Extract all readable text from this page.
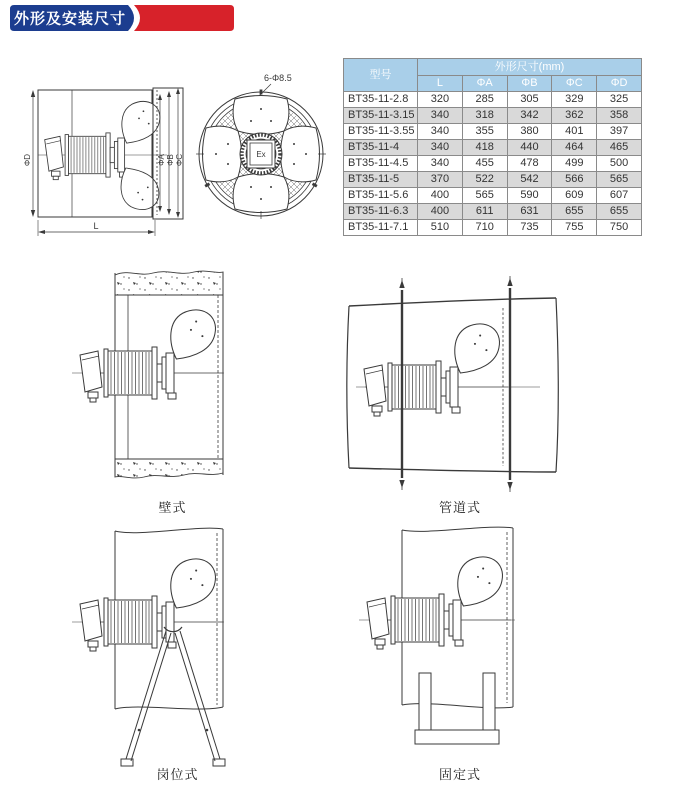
外形及安装尺寸
ΦD	ΦA ΦB ΦC
L
6-Φ8.5
Ex
型号	外形尺寸(mm)				
	L	ΦA	ΦB	ΦC	ΦD
BT35-11-2.8	320	285	305	329	325
BT35-11-3.15	340	318	342	362	358
BT35-11-3.55	340	355	380	401	397
BT35-11-4	340	418	440	464	465
BT35-11-4.5	340	455	478	499	500
BT35-11-5	370	522	542	566	565
BT35-11-5.6	400	565	590	609	607
BT35-11-6.3	400	611	631	655	655
BT35-11-7.1	510	710	735	755	750
壁式	管道式
岗位式	固定式
